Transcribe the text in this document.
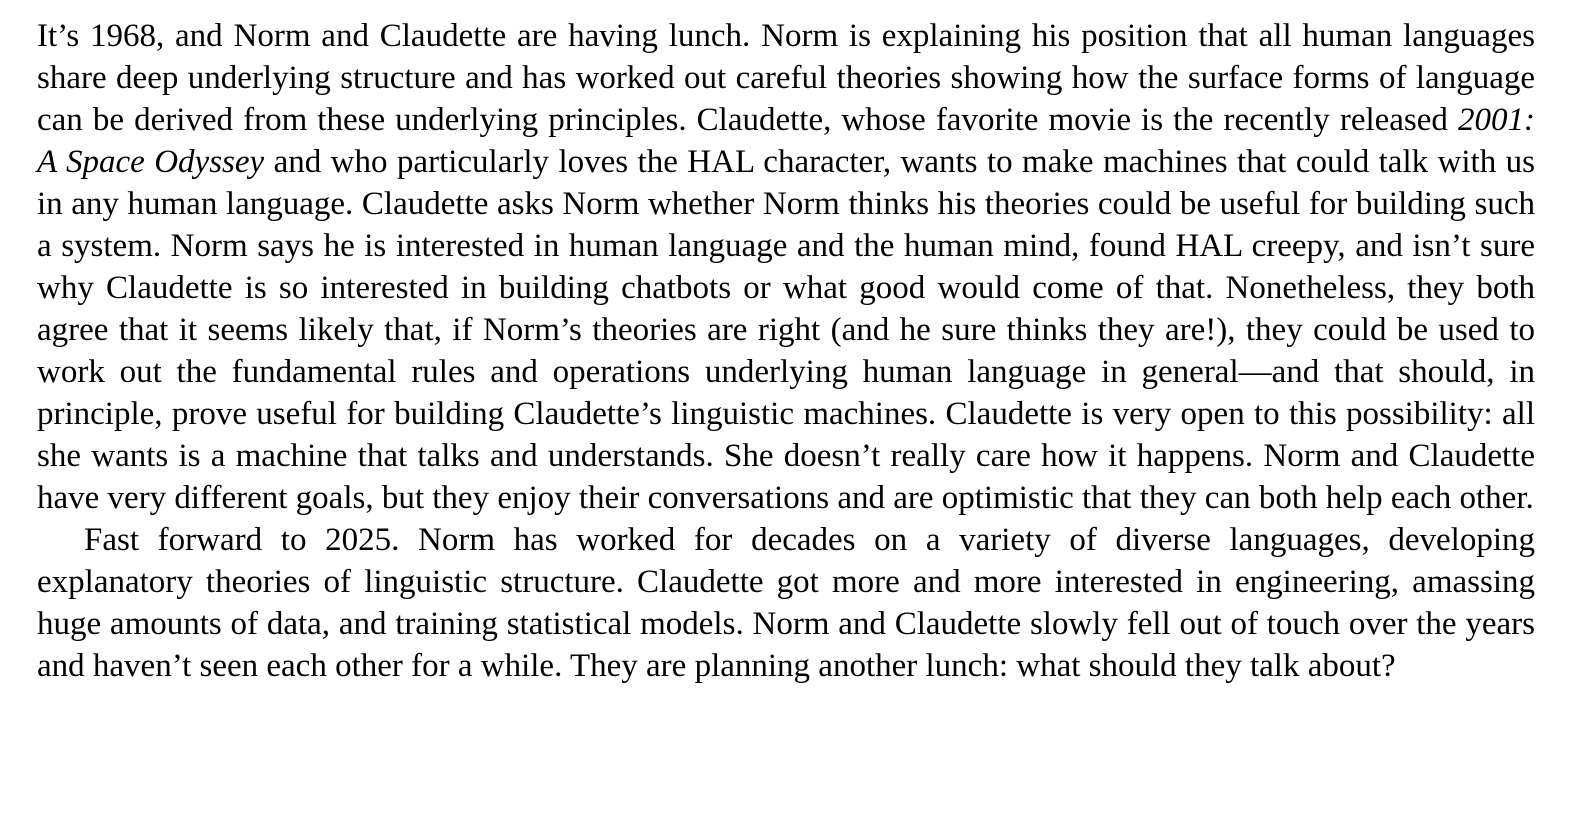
It’s 1968, and Norm and Claudette are having lunch. Norm is explaining his position that all human languages share deep underlying structure and has worked out careful theories showing how the surface forms of language can be derived from these underlying principles. Claudette, whose favorite movie is the recently released 2001: A Space Odyssey and who particularly loves the HAL character, wants to make machines that could talk with us in any human language. Claudette asks Norm whether Norm thinks his theories could be useful for building such a system. Norm says he is interested in human language and the human mind, found HAL creepy, and isn’t sure why Claudette is so interested in building chatbots or what good would come of that. Nonetheless, they both agree that it seems likely that, if Norm’s theories are right (and he sure thinks they are!), they could be used to work out the fundamental rules and operations underlying human language in general—and that should, in principle, prove useful for building Claudette’s linguistic machines. Claudette is very open to this possibility: all she wants is a machine that talks and understands. She doesn’t really care how it happens. Norm and Claudette have very different goals, but they enjoy their conversations and are optimistic that they can both help each other.

Fast forward to 2025. Norm has worked for decades on a variety of diverse languages, developing explanatory theories of linguistic structure. Claudette got more and more interested in engineering, amassing huge amounts of data, and training statistical models. Norm and Claudette slowly fell out of touch over the years and haven’t seen each other for a while. They are planning another lunch: what should they talk about?
